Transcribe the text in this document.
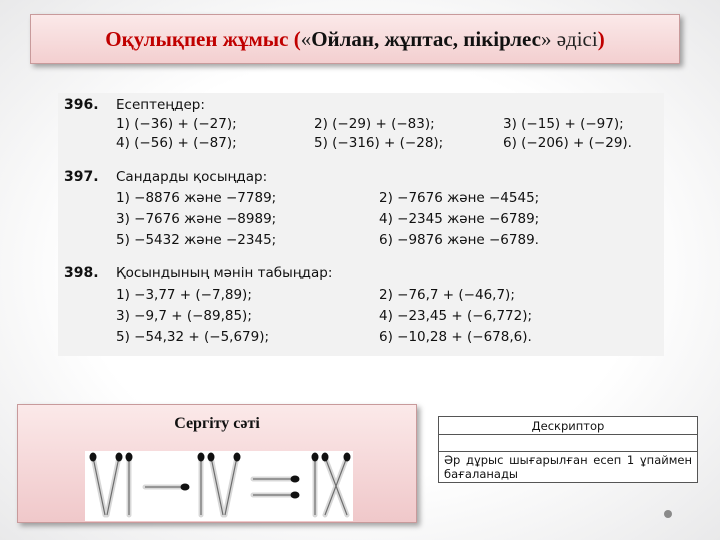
Оқулықпен жұмыс ( « Ойлан, жұптас, пікірлес » әдісі )
396. Есептеңдер:
1) (−36) + (−27);	2) (−29) + (−83);	3) (−15) + (−97);
4) (−56) + (−87);	5) (−316) + (−28);	6) (−206) + (−29).
397. Сандарды қосыңдар:
1) −8876 және −7789;	2) −7676 және −4545;
3) −7676 және −8989;	4) −2345 және −6789;
5) −5432 және −2345;	6) −9876 және −6789.
398. Қосындының мәнін табыңдар:
1) −3,77 + (−7,89);	2) −76,7 + (−46,7);
3) −9,7 + (−89,85);	4) −23,45 + (−6,772);
5) −54,32 + (−5,679);	6) −10,28 + (−678,6).
Сергіту сәті	Дескриптор

Әр дұрыс шығарылған есеп 1 ұпаймен бағаланады
